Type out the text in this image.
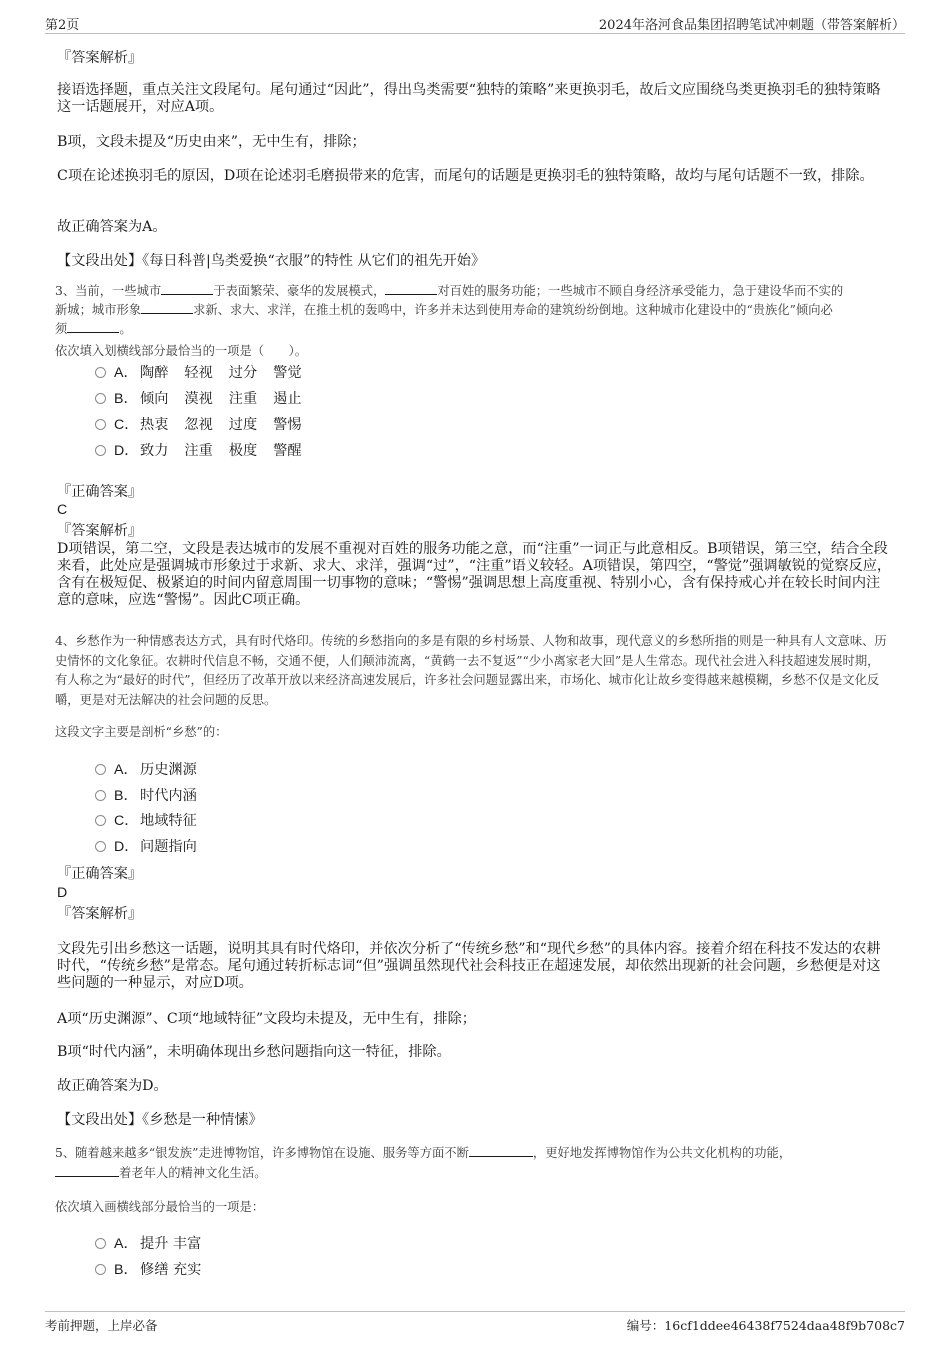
第2页	2024年洛河食品集团招聘笔试冲刺题（带答案解析）
『答案解析』
接语选择题，重点关注文段尾句。尾句通过“因此”，得出鸟类需要“独特的策略”来更换羽毛，故后文应围绕鸟类更换羽毛的独特策略这一话题展开，对应A项。
B项，文段未提及“历史由来”，无中生有，排除；
C项在论述换羽毛的原因，D项在论述羽毛磨损带来的危害，而尾句的话题是更换羽毛的独特策略，故均与尾句话题不一致，排除。
故正确答案为A。
【文段出处】《每日科普|鸟类爱换“衣服”的特性 从它们的祖先开始》
3、当前，一些城市	于表面繁荣、豪华的发展模式，	对百姓的服务功能；一些城市不顾自身经济承受能力，急于建设华而不实的
新城；城市形象	求新、求大、求洋，在推土机的轰鸣中，许多并未达到使用寿命的建筑纷纷倒地。这种城市化建设中的“贵族化”倾向必
须	。
依次填入划横线部分最恰当的一项是（　　）。
A． 陶醉 轻视 过分 警觉
B． 倾向 漠视 注重 遏止
C． 热衷 忽视 过度 警惕
D． 致力 注重 极度 警醒
『正确答案』
C
『答案解析』
D项错误，第二空，文段是表达城市的发展不重视对百姓的服务功能之意，而“注重”一词正与此意相反。B项错误，第三空，结合全段来看，此处应是强调城市形象过于求新、求大、求洋，强调“过”，“注重”语义较轻。A项错误，第四空，“警觉”强调敏锐的觉察反应，含有在极短促、极紧迫的时间内留意周围一切事物的意味；“警惕”强调思想上高度重视、特别小心，含有保持戒心并在较长时间内注意的意味，应选“警惕”。因此C项正确。
4、乡愁作为一种情感表达方式，具有时代烙印。传统的乡愁指向的多是有限的乡村场景、人物和故事，现代意义的乡愁所指的则是一种具有人文意味、历史情怀的文化象征。农耕时代信息不畅，交通不便，人们颠沛流离，“黄鹤一去不复返”“少小离家老大回”是人生常态。现代社会进入科技超速发展时期，有人称之为“最好的时代”，但经历了改革开放以来经济高速发展后，许多社会问题显露出来，市场化、城市化让故乡变得越来越模糊，乡愁不仅是文化反嚼，更是对无法解决的社会问题的反思。
这段文字主要是剖析“乡愁”的：
A． 历史渊源
B． 时代内涵
C． 地域特征
D． 问题指向
『正确答案』
D
『答案解析』
文段先引出乡愁这一话题，说明其具有时代烙印，并依次分析了“传统乡愁”和“现代乡愁”的具体内容。接着介绍在科技不发达的农耕时代，“传统乡愁”是常态。尾句通过转折标志词“但”强调虽然现代社会科技正在超速发展，却依然出现新的社会问题，乡愁便是对这些问题的一种显示，对应D项。
A项“历史渊源”、C项“地域特征”文段均未提及，无中生有，排除；
B项“时代内涵”，未明确体现出乡愁问题指向这一特征，排除。
故正确答案为D。
【文段出处】《乡愁是一种情愫》
5、随着越来越多“银发族”走进博物馆，许多博物馆在设施、服务等方面不断	，更好地发挥博物馆作为公共文化机构的功能，
着老年人的精神文化生活。
依次填入画横线部分最恰当的一项是：
A． 提升 丰富
B． 修缮 充实
考前押题，上岸必备	编号：16cf1ddee46438f7524daa48f9b708c7
